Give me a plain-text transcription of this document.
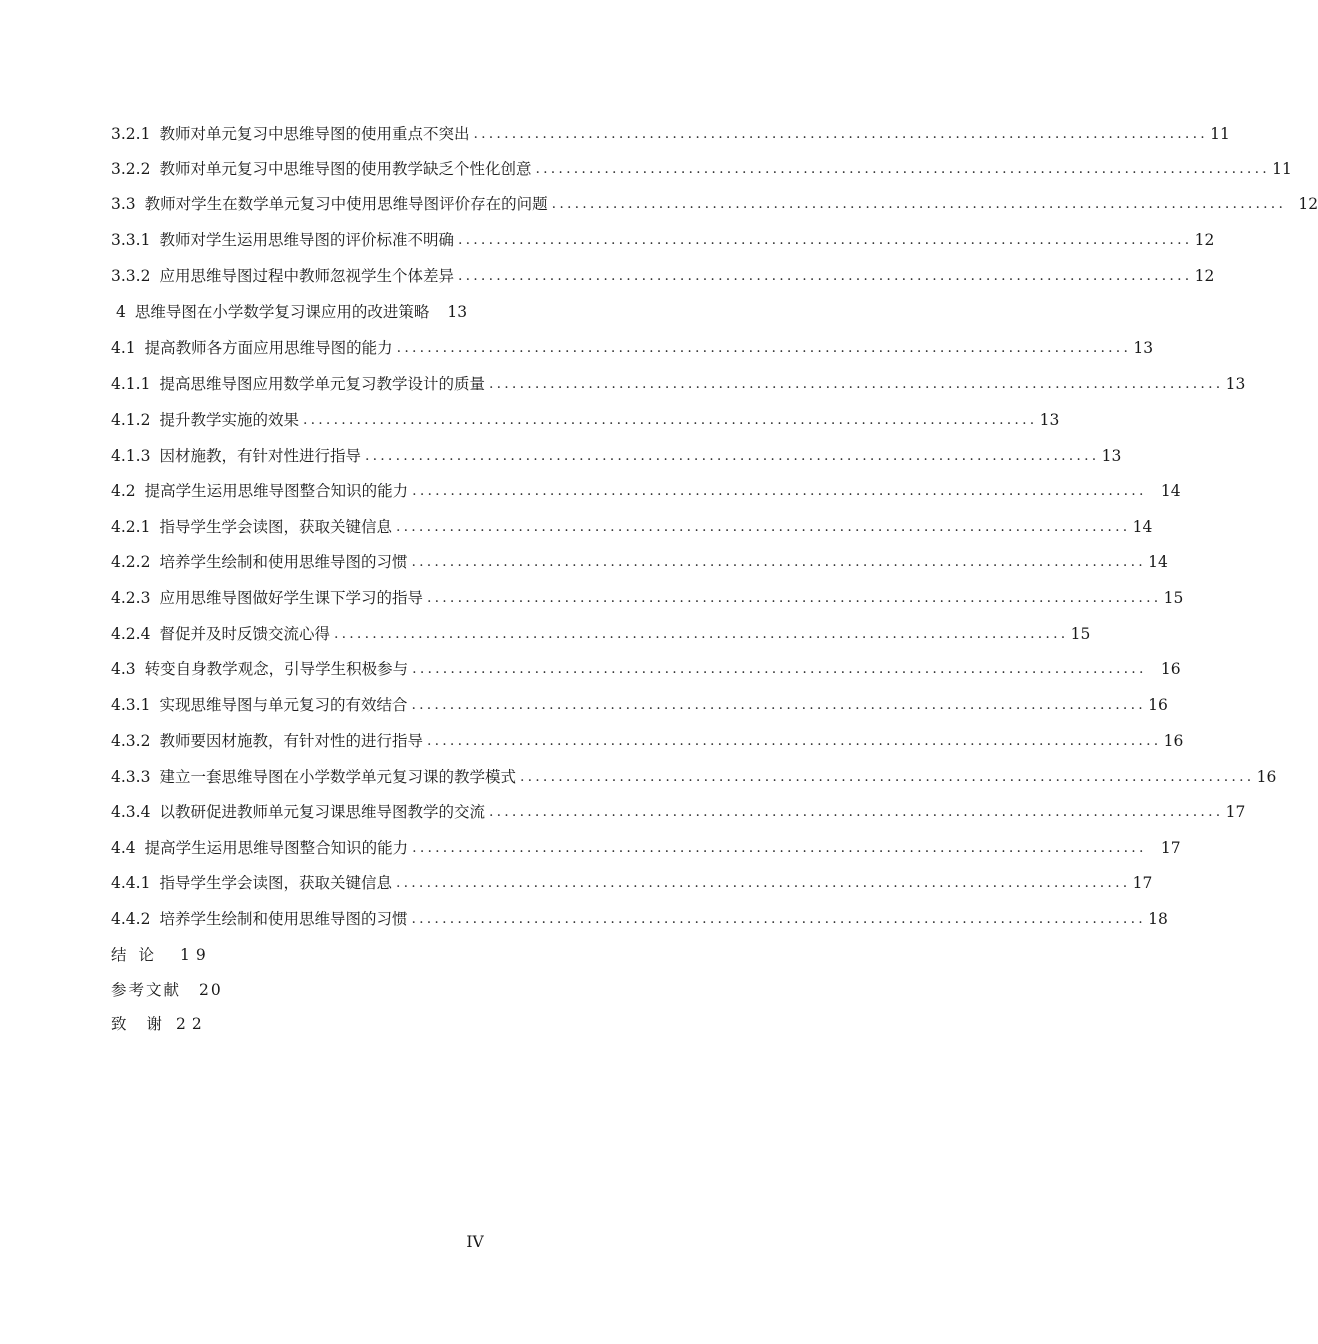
3.2.1 教师对单元复习中思维导图的使用重点不突出 ................................................................................................ 11
3.2.2 教师对单元复习中思维导图的使用教学缺乏个性化创意 ................................................................................................ 11
3.3 教师对学生在数学单元复习中使用思维导图评价存在的问题 ................................................................................................ 12
3.3.1 教师对学生运用思维导图的评价标准不明确 ................................................................................................ 12
3.3.2 应用思维导图过程中教师忽视学生个体差异 ................................................................................................ 12
4 思维导图在小学数学复习课应用的改进策略 13
4.1 提高教师各方面应用思维导图的能力 ................................................................................................ 13
4.1.1 提高思维导图应用数学单元复习教学设计的质量 ................................................................................................ 13
4.1.2 提升教学实施的效果 ................................................................................................ 13
4.1.3 因材施教，有针对性进行指导 ................................................................................................ 13
4.2 提高学生运用思维导图整合知识的能力 ................................................................................................ 14
4.2.1 指导学生学会读图，获取关键信息 ................................................................................................ 14
4.2.2 培养学生绘制和使用思维导图的习惯 ................................................................................................ 14
4.2.3 应用思维导图做好学生课下学习的指导 ................................................................................................ 15
4.2.4 督促并及时反馈交流心得 ................................................................................................ 15
4.3 转变自身教学观念，引导学生积极参与 ................................................................................................ 16
4.3.1 实现思维导图与单元复习的有效结合 ................................................................................................ 16
4.3.2 教师要因材施教，有针对性的进行指导 ................................................................................................ 16
4.3.3 建立一套思维导图在小学数学单元复习课的教学模式 ................................................................................................ 16
4.3.4 以教研促进教师单元复习课思维导图教学的交流 ................................................................................................ 17
4.4 提高学生运用思维导图整合知识的能力 ................................................................................................ 17
4.4.1 指导学生学会读图，获取关键信息 ................................................................................................ 17
4.4.2 培养学生绘制和使用思维导图的习惯 ................................................................................................ 18
结论 19
参考文献 20
致谢
22
IV
